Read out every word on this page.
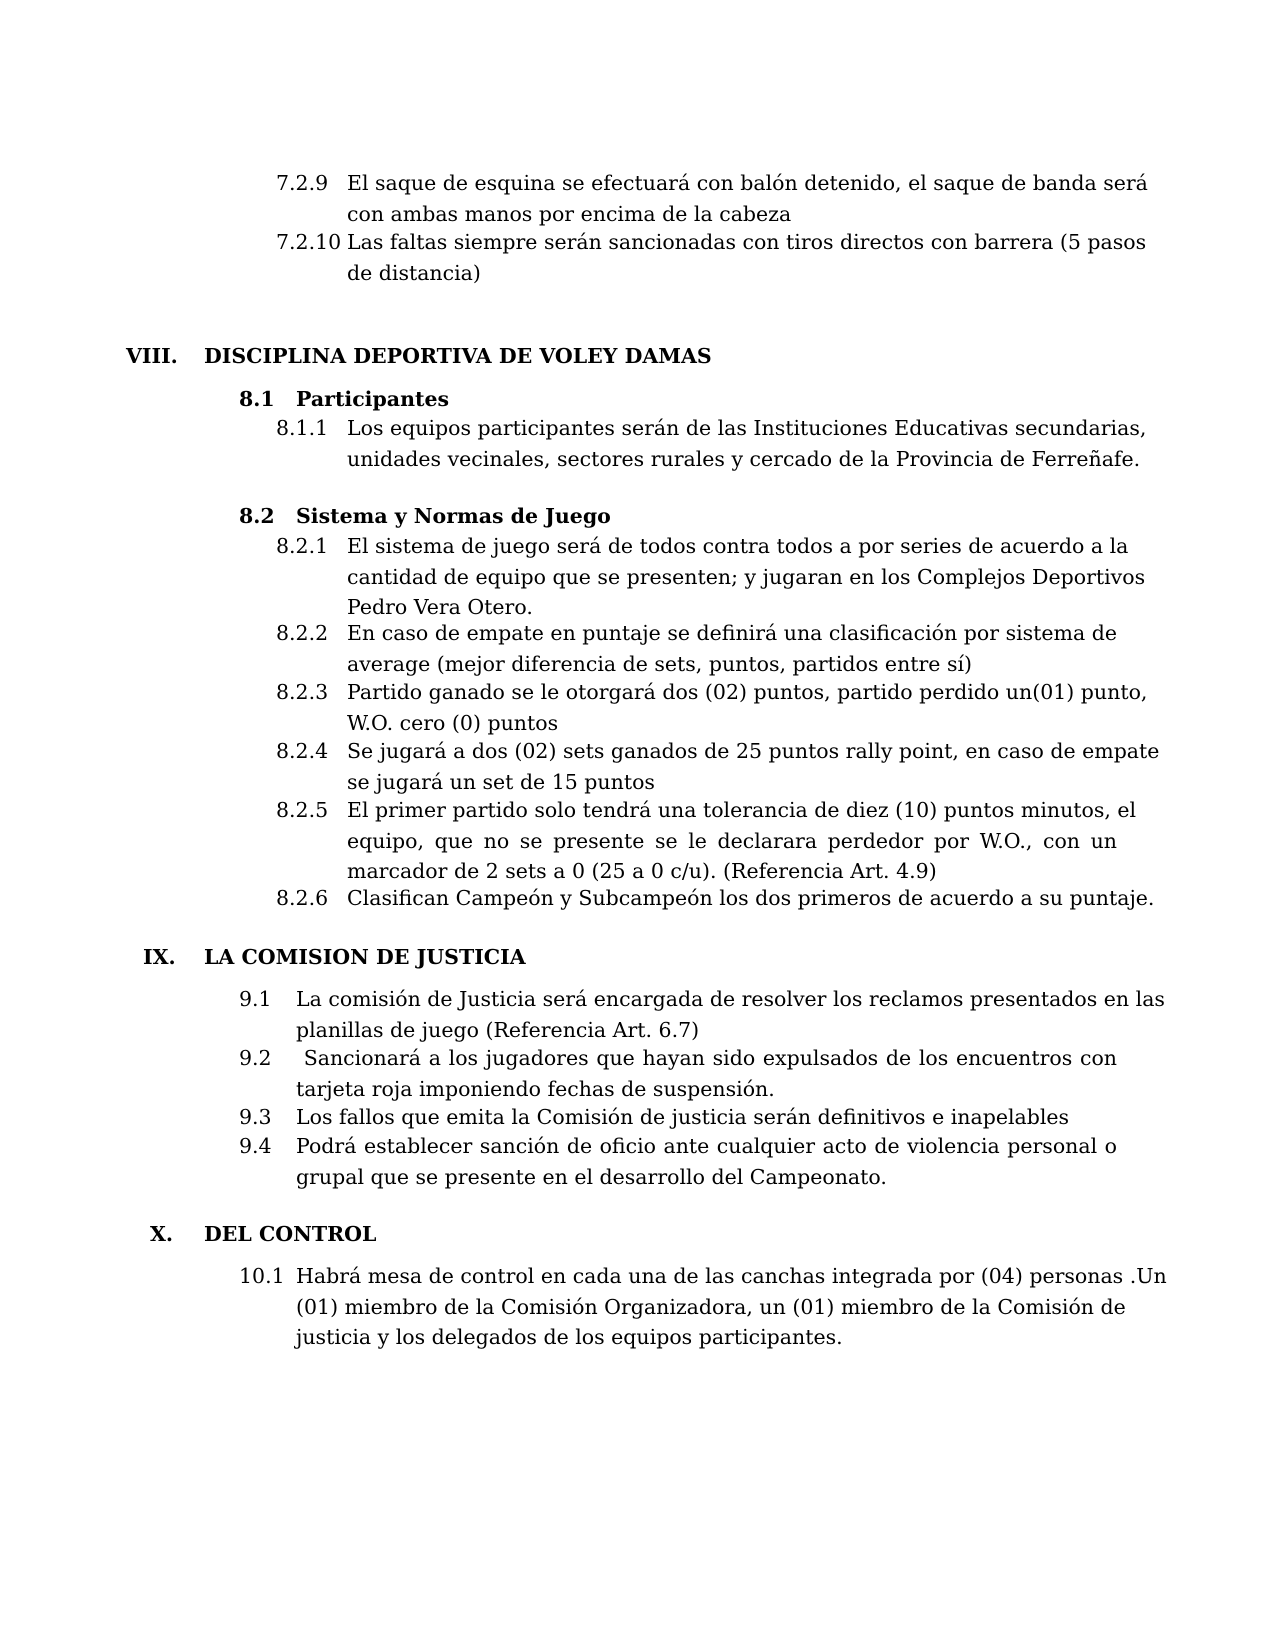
7.2.9 El saque de esquina se efectuará con balón detenido, el saque de banda será
con ambas manos por encima de la cabeza
7.2.10 Las faltas siempre serán sancionadas con tiros directos con barrera (5 pasos
de distancia)
VIII. DISCIPLINA DEPORTIVA DE VOLEY DAMAS
8.1 Participantes
8.1.1 Los equipos participantes serán de las Instituciones Educativas secundarias,
unidades vecinales, sectores rurales y cercado de la Provincia de Ferreñafe.
8.2 Sistema y Normas de Juego
8.2.1 El sistema de juego será de todos contra todos a por series de acuerdo a la
cantidad de equipo que se presenten; y jugaran en los Complejos Deportivos
Pedro Vera Otero.
8.2.2 En caso de empate en puntaje se definirá una clasificación por sistema de
average (mejor diferencia de sets, puntos, partidos entre sí)
8.2.3 Partido ganado se le otorgará dos (02) puntos, partido perdido un(01) punto,
W.O. cero (0) puntos
8.2.4 Se jugará a dos (02) sets ganados de 25 puntos rally point, en caso de empate
se jugará un set de 15 puntos
8.2.5 El primer partido solo tendrá una tolerancia de diez (10) puntos minutos, el
equipo, que no se presente se le declarara perdedor por W.O., con un
marcador de 2 sets a 0 (25 a 0 c/u). (Referencia Art. 4.9)
8.2.6 Clasifican Campeón y Subcampeón los dos primeros de acuerdo a su puntaje.
IX. LA COMISION DE JUSTICIA
9.1 La comisión de Justicia será encargada de resolver los reclamos presentados en las
planillas de juego (Referencia Art. 6.7)
9.2 Sancionará a los jugadores que hayan sido expulsados de los encuentros con
tarjeta roja imponiendo fechas de suspensión.
9.3 Los fallos que emita la Comisión de justicia serán definitivos e inapelables
9.4 Podrá establecer sanción de oficio ante cualquier acto de violencia personal o
grupal que se presente en el desarrollo del Campeonato.
X. DEL CONTROL
10.1 Habrá mesa de control en cada una de las canchas integrada por (04) personas .Un
(01) miembro de la Comisión Organizadora, un (01) miembro de la Comisión de
justicia y los delegados de los equipos participantes.
